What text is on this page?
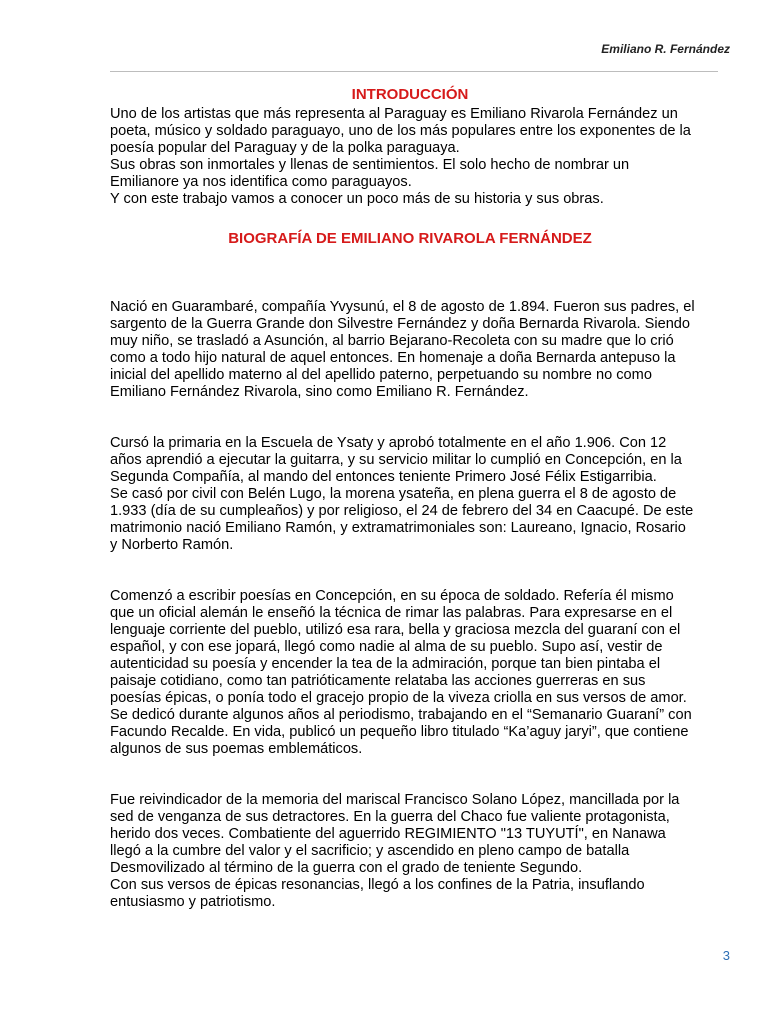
Emiliano R. Fernández
INTRODUCCIÓN

Uno de los artistas que más representa al Paraguay es Emiliano Rivarola Fernández un
poeta, músico y soldado paraguayo, uno de los más populares entre los exponentes de la
poesía popular del Paraguay y de la polka paraguaya.
Sus obras son inmortales y llenas de sentimientos. El solo hecho de nombrar un
Emilianore ya nos identifica como paraguayos.
Y con este trabajo vamos a conocer un poco más de su historia y sus obras.

BIOGRAFÍA DE EMILIANO RIVAROLA FERNÁNDEZ

Nació en Guarambaré, compañía Yvysunú, el 8 de agosto de 1.894. Fueron sus padres, el
sargento de la Guerra Grande don Silvestre Fernández y doña Bernarda Rivarola. Siendo
muy niño, se trasladó a Asunción, al barrio Bejarano-Recoleta con su madre que lo crió
como a todo hijo natural de aquel entonces. En homenaje a doña Bernarda antepuso la
inicial del apellido materno al del apellido paterno, perpetuando su nombre no como
Emiliano Fernández Rivarola, sino como Emiliano R. Fernández.

Cursó la primaria en la Escuela de Ysaty y aprobó totalmente en el año 1.906. Con 12
años aprendió a ejecutar la guitarra, y su servicio militar lo cumplió en Concepción, en la
Segunda Compañía, al mando del entonces teniente Primero José Félix Estigarribia.
Se casó por civil con Belén Lugo, la morena ysateña, en plena guerra el 8 de agosto de
1.933 (día de su cumpleaños) y por religioso, el 24 de febrero del 34 en Caacupé. De este
matrimonio nació Emiliano Ramón, y extramatrimoniales son: Laureano, Ignacio, Rosario
y Norberto Ramón.

Comenzó a escribir poesías en Concepción, en su época de soldado. Refería él mismo
que un oficial alemán le enseñó la técnica de rimar las palabras. Para expresarse en el
lenguaje corriente del pueblo, utilizó esa rara, bella y graciosa mezcla del guaraní con el
español, y con ese jopará, llegó como nadie al alma de su pueblo. Supo así, vestir de
autenticidad su poesía y encender la tea de la admiración, porque tan bien pintaba el
paisaje cotidiano, como tan patrióticamente relataba las acciones guerreras en sus
poesías épicas, o ponía todo el gracejo propio de la viveza criolla en sus versos de amor.
Se dedicó durante algunos años al periodismo, trabajando en el “Semanario Guaraní” con
Facundo Recalde. En vida, publicó un pequeño libro titulado “Ka’aguy jaryi”, que contiene
algunos de sus poemas emblemáticos.

Fue reivindicador de la memoria del mariscal Francisco Solano López, mancillada por la
sed de venganza de sus detractores. En la guerra del Chaco fue valiente protagonista,
herido dos veces. Combatiente del aguerrido REGIMIENTO "13 TUYUTÍ", en Nanawa
llegó a la cumbre del valor y el sacrificio; y ascendido en pleno campo de batalla
Desmovilizado al término de la guerra con el grado de teniente Segundo.
Con sus versos de épicas resonancias, llegó a los confines de la Patria, insuflando
entusiasmo y patriotismo.

3
